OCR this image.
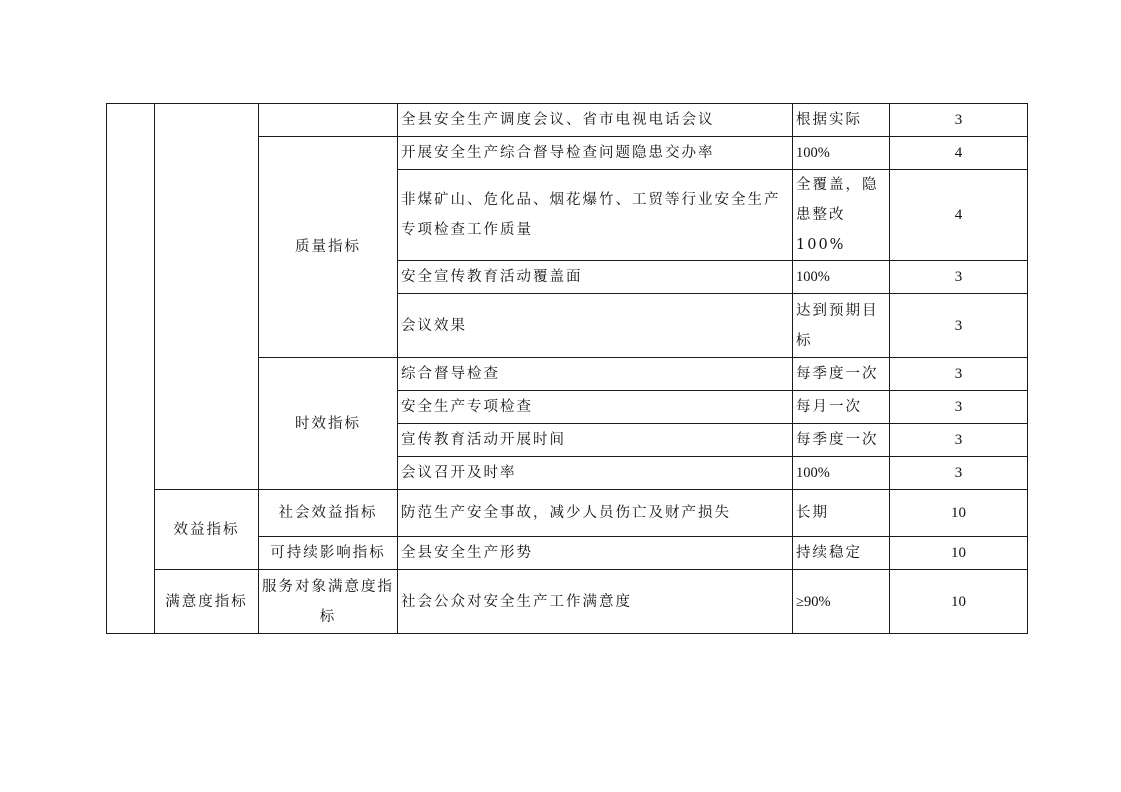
			全县安全生产调度会议、省市电视电话会议	根据实际	3
		质量指标	开展安全生产综合督导检查问题隐患交办率	100%	4
			非煤矿山、危化品、烟花爆竹、工贸等行业安全生产专项检查工作质量	全覆盖，隐患整改 100%	4
			安全宣传教育活动覆盖面	100%	3
			会议效果	达到预期目标	3
		时效指标	综合督导检查	每季度一次	3
			安全生产专项检查	每月一次	3
			宣传教育活动开展时间	每季度一次	3
			会议召开及时率	100%	3
	效益指标	社会效益指标	防范生产安全事故，减少人员伤亡及财产损失	长期	10
		可持续影响指标	全县安全生产形势	持续稳定	10
	满意度指标	服务对象满意度指标	社会公众对安全生产工作满意度	≥90%	10
